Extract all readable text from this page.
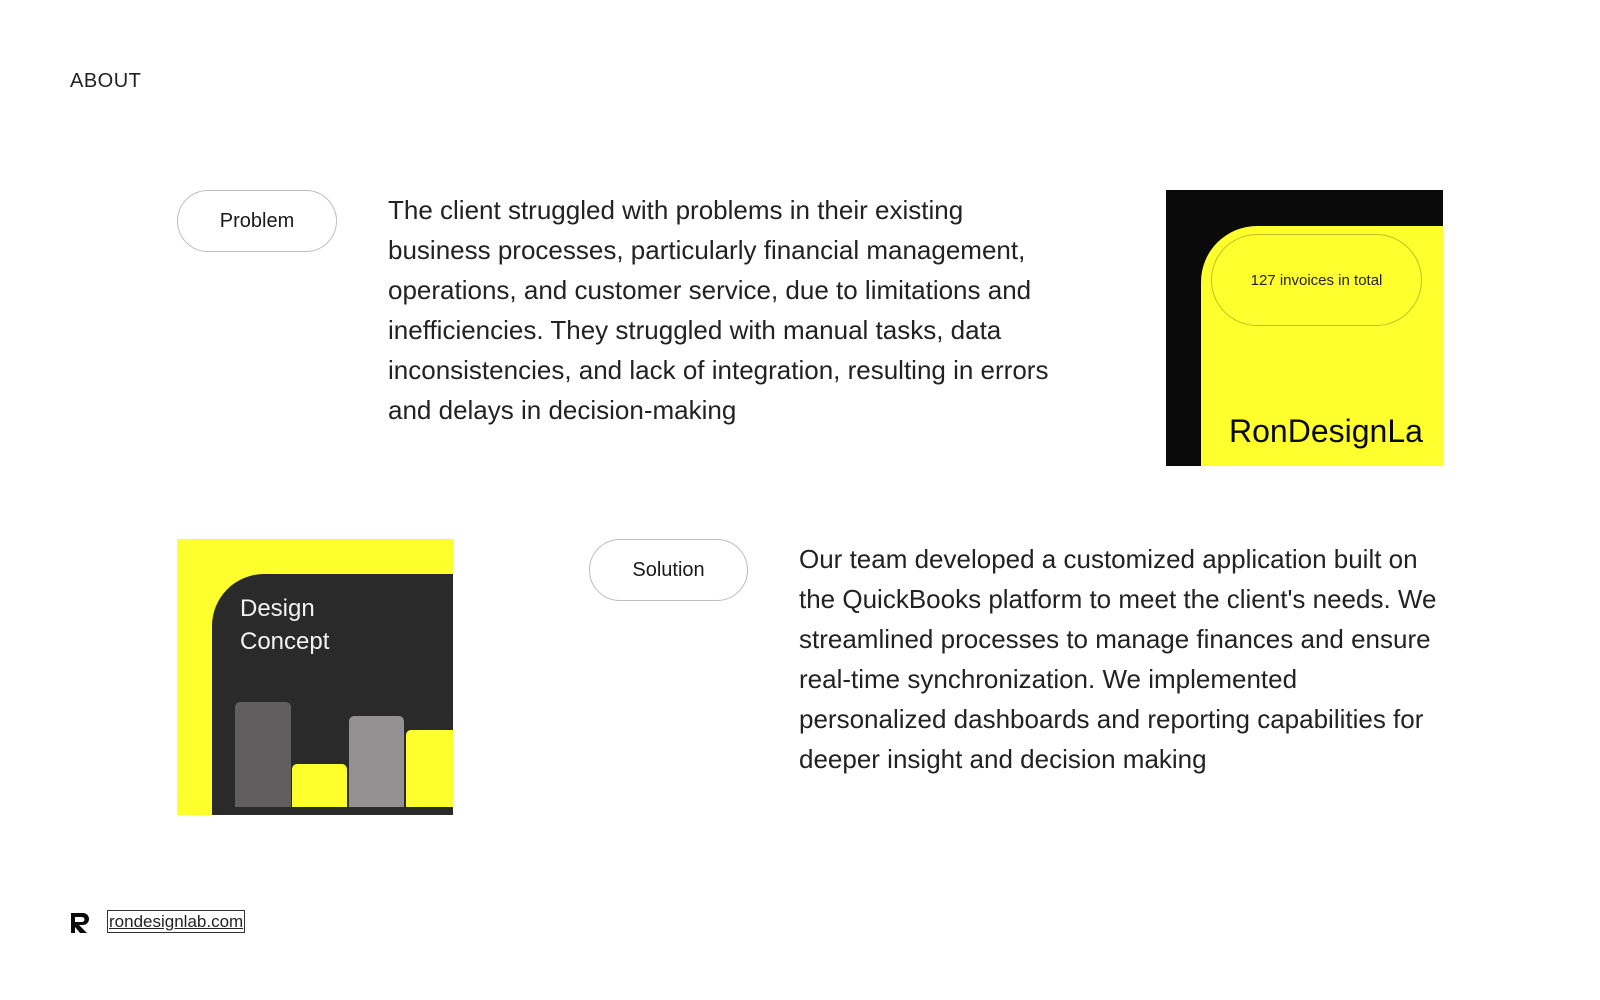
ABOUT
Problem	The client struggled with problems in their existing business processes, particularly financial management, operations, and customer service, due to limitations and inefficiencies. They struggled with manual tasks, data inconsistencies, and lack of integration, resulting in errors and delays in decision-making

127 invoices in total
RonDesignLa
Design
Concept
Solution	Our team developed a customized application built on the QuickBooks platform to meet the client's needs. We streamlined processes to manage finances and ensure real-time synchronization. We implemented personalized dashboards and reporting capabilities for deeper insight and decision making

rondesignlab.com
